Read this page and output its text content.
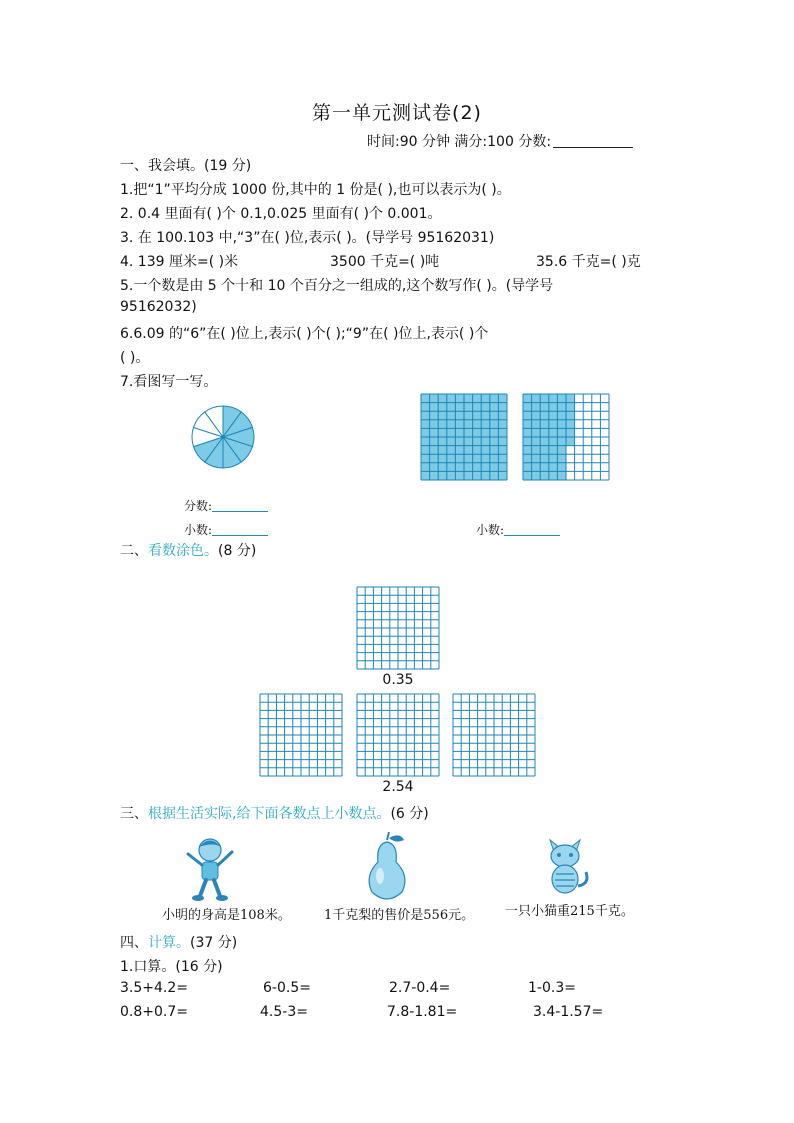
第一单元测试卷(2)
时间:90 分钟 满分:100 分数:
一、我会填。(19 分)
1.把“1”平均分成 1000 份,其中的 1 份是( ),也可以表示为( )。
2. 0.4 里面有( )个 0.1,0.025 里面有( )个 0.001。
3. 在 100.103 中,“3”在( )位,表示( )。(导学号 95162031)
4. 139 厘米=( )米	3500 千克=( )吨	35.6 千克=( )克
5.一个数是由 5 个十和 10 个百分之一组成的,这个数写作( )。(导学号
95162032)
6.6.09 的“6”在( )位上,表示( )个( );“9”在( )位上,表示( )个
( )。
7.看图写一写。
分数:
小数:	小数:
二、看数涂色。(8 分)
0.35
2.54
三、根据生活实际,给下面各数点上小数点。(6 分)
小明的身高是108米。	1千克梨的售价是556元。 一只小猫重215千克。
四、计算。(37 分)
1.口算。(16 分)
3.5+4.2=	6-0.5=	2.7-0.4=	1-0.3=
0.8+0.7=	4.5-3=	7.8-1.81=	3.4-1.57=
